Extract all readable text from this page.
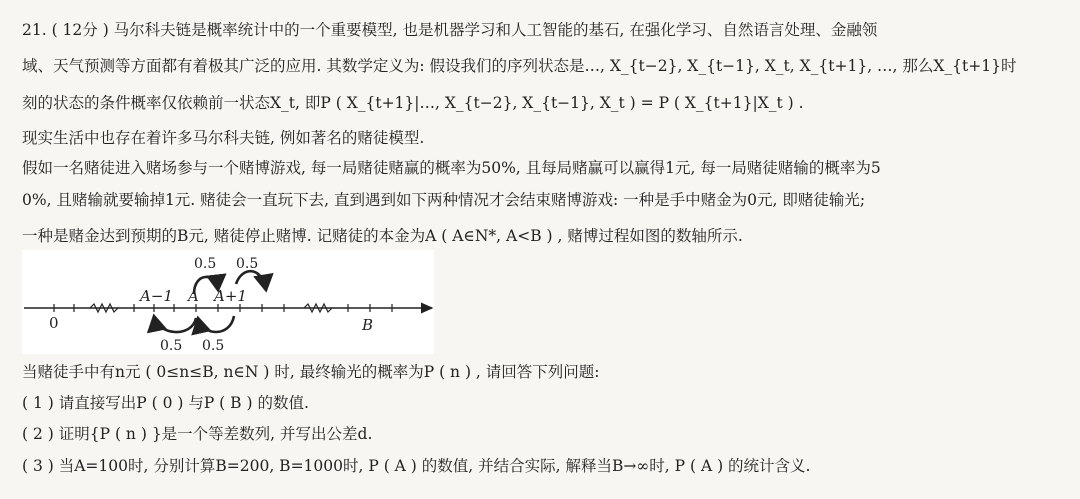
21. ( 12分 ) 马尔科夫链是概率统计中的一个重要模型, 也是机器学习和人工智能的基石, 在强化学习、自然语言处理、金融领
域、天气预测等方面都有着极其广泛的应用. 其数学定义为: 假设我们的序列状态是…, X_{t−2}, X_{t−1}, X_t, X_{t+1}, …, 那么X_{t+1}时
刻的状态的条件概率仅依赖前一状态X_t, 即P ( X_{t+1}|…, X_{t−2}, X_{t−1}, X_t ) = P ( X_{t+1}|X_t ) .
现实生活中也存在着许多马尔科夫链, 例如著名的赌徒模型.
假如一名赌徒进入赌场参与一个赌博游戏, 每一局赌徒赌赢的概率为50%, 且每局赌赢可以赢得1元, 每一局赌徒赌输的概率为5
0%, 且赌输就要输掉1元. 赌徒会一直玩下去, 直到遇到如下两种情况才会结束赌博游戏: 一种是手中赌金为0元, 即赌徒输光;
一种是赌金达到预期的B元, 赌徒停止赌博. 记赌徒的本金为A ( A∈N*, A<B ) , 赌博过程如图的数轴所示.
0
A−1 A A+1
B
0.5 0.5
0.5 0.5
当赌徒手中有n元 ( 0≤n≤B, n∈N ) 时, 最终输光的概率为P ( n ) , 请回答下列问题:
( 1 ) 请直接写出P ( 0 ) 与P ( B ) 的数值.
( 2 ) 证明{P ( n ) }是一个等差数列, 并写出公差d.
( 3 ) 当A=100时, 分别计算B=200, B=1000时, P ( A ) 的数值, 并结合实际, 解释当B→∞时, P ( A ) 的统计含义.
